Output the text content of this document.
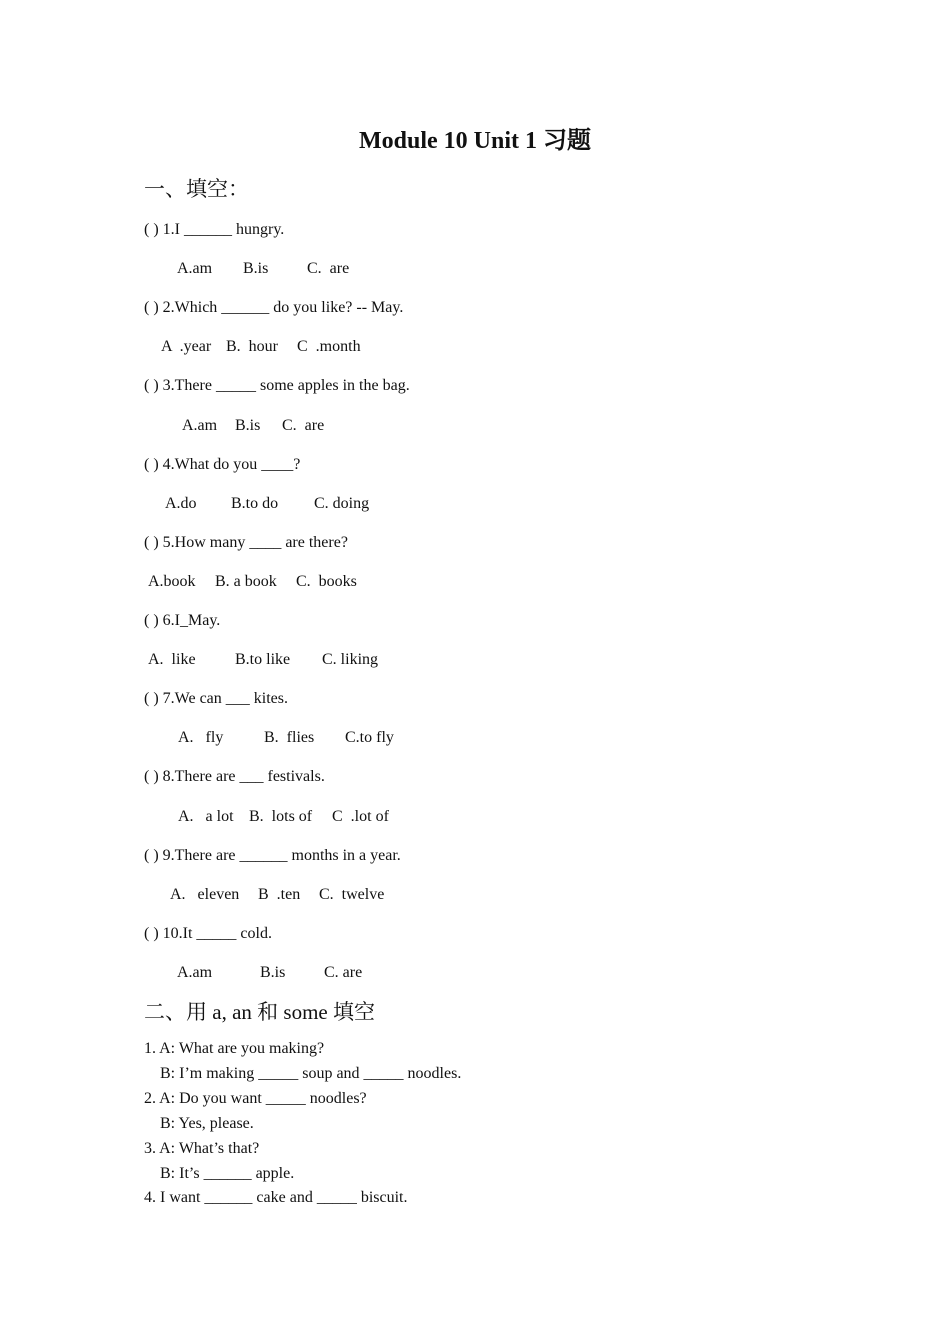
Module 10 Unit 1 习题
一、填空：
( ) 1.I ______ hungry.
A.am B.is C.  are
( ) 2.Which ______ do you like? -- May.
A  .year B.  hour C  .month
( ) 3.There _____ some apples in the bag.
A.am B.is C.  are
( ) 4.What do you ____?
A.do B.to do C. doing
( ) 5.How many ____ are there?
A.book B. a book C.  books
( ) 6.I_May.
A.  like B.to like C. liking
( ) 7.We can ___ kites.
A.   fly	B.  flies C.to fly
( ) 8.There are ___ festivals.
A.   a lot B.  lots of C  .lot of
( ) 9.There are ______ months in a year.
A.   eleven B  .ten C.  twelve
( ) 10.It _____ cold.
A.am	B.is C. are
二、用 a, an 和 some 填空
1. A: What are you making?
B: I’m making _____ soup and _____ noodles.
2. A: Do you want _____ noodles?
B: Yes, please.
3. A: What’s that?
B: It’s ______ apple.
4. I want ______ cake and _____ biscuit.
